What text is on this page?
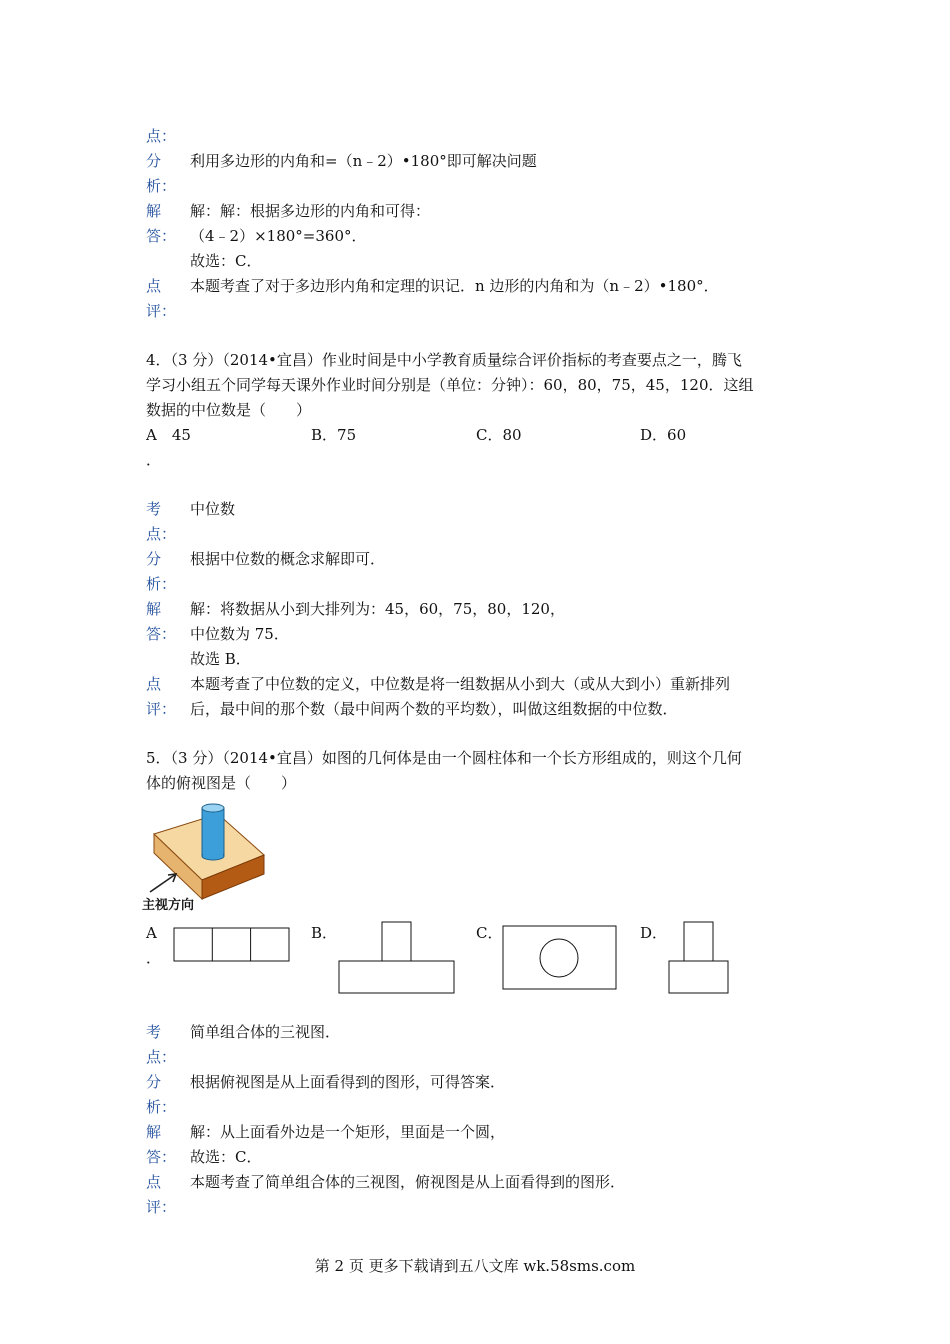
点：
分
析：
利用多边形的内角和=（n﹣2）•180°即可解决问题
解
答：
解：解：根据多边形的内角和可得：
（4﹣2）×180°=360°．
故选：C．
点
评：
本题考查了对于多边形内角和定理的识记．n 边形的内角和为（n﹣2）•180°．
4．（3 分）（2014•宜昌）作业时间是中小学教育质量综合评价指标的考查要点之一，腾飞
学习小组五个同学每天课外作业时间分别是（单位：分钟）：60，80，75，45，120．这组
数据的中位数是（　　）
A　45
．
B．75	C．80	D．60
考
点：
中位数
分
析：
根据中位数的概念求解即可．
解
答：
解：将数据从小到大排列为：45，60，75，80，120，
中位数为 75．
故选 B．
点
评：
本题考查了中位数的定义，中位数是将一组数据从小到大（或从大到小）重新排列
后，最中间的那个数（最中间两个数的平均数），叫做这组数据的中位数．
5．（3 分）（2014•宜昌）如图的几何体是由一个圆柱体和一个长方形组成的，则这个几何
体的俯视图是（　　）
主视方向
A
．
B．	C．	D．
考
点：
简单组合体的三视图．
分
析：
根据俯视图是从上面看得到的图形，可得答案．
解
答：
解：从上面看外边是一个矩形，里面是一个圆，
故选：C．
点
评：
本题考查了简单组合体的三视图，俯视图是从上面看得到的图形．
第 2 页 更多下载请到五八文库 wk.58sms.com
